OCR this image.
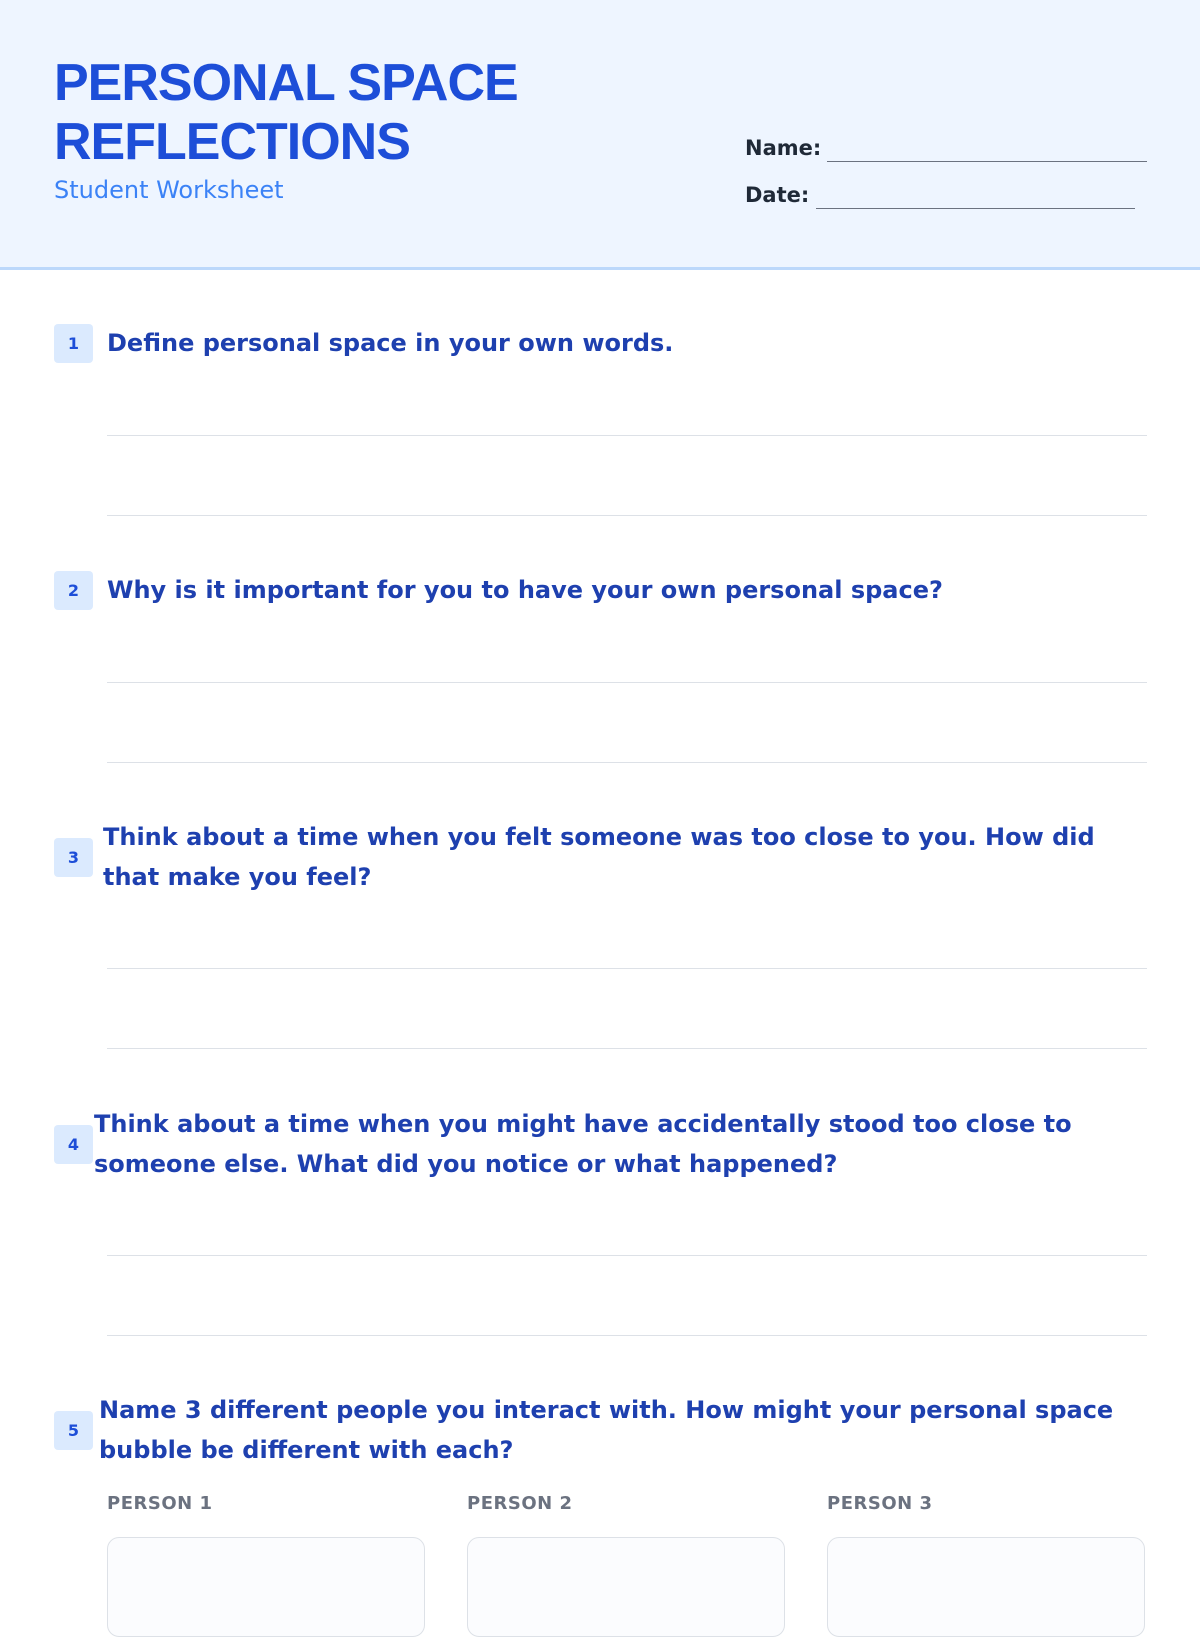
PERSONAL SPACE REFLECTIONS
Student Worksheet
Name:
Date:
1	Define personal space in your own words.

2	Why is it important for you to have your own personal space?

3

Think about a time when you felt someone was too close to you. How did that make you feel?

4

Think about a time when you might have accidentally stood too close to someone else. What did you notice or what happened?

5

Name 3 different people you interact with. How might your personal space bubble be different with each?

PERSON 1	PERSON 2	PERSON 3
